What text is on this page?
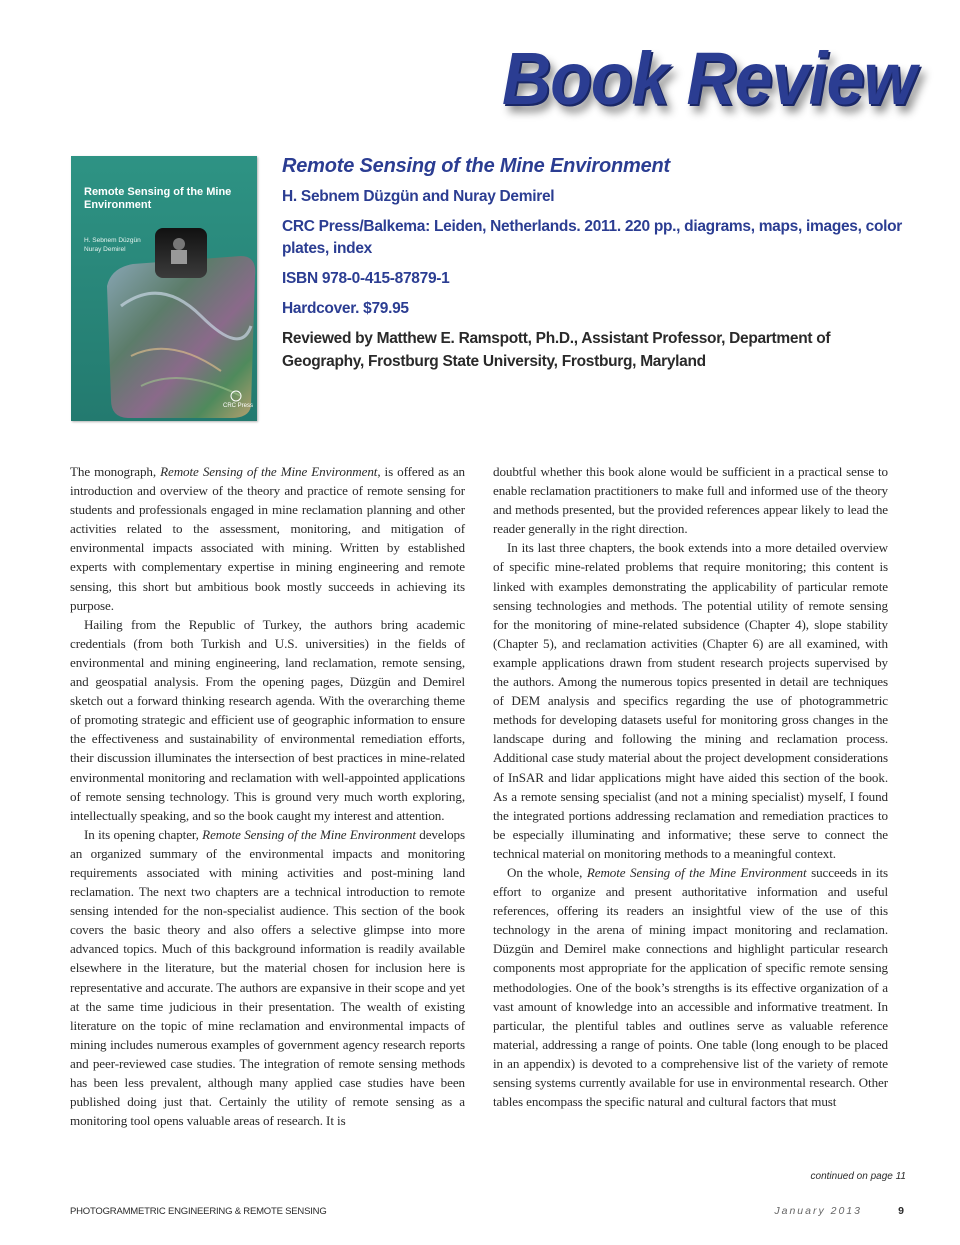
Book Review

Remote Sensing of the Mine Environment

H. Sebnem Düzgün
Nuray Demirel
CRC Press

Remote Sensing of the Mine Environment

H. Sebnem Düzgün and Nuray Demirel

CRC Press/Balkema: Leiden, Netherlands. 2011. 220 pp., diagrams, maps, images, color plates, index

ISBN 978-0-415-87879-1

Hardcover. $79.95

Reviewed by Matthew E. Ramspott, Ph.D., Assistant Professor, Department of Geography, Frostburg State University, Frostburg, Maryland

The monograph, Remote Sensing of the Mine Environment, is offered as an introduction and overview of the theory and practice of remote sensing for students and professionals engaged in mine reclamation planning and other activities related to the assessment, monitoring, and mitigation of environmental impacts associated with mining. Written by established experts with complementary expertise in mining engineering and remote sensing, this short but ambitious book mostly succeeds in achieving its purpose.

Hailing from the Republic of Turkey, the authors bring academic credentials (from both Turkish and U.S. universities) in the fields of environmental and mining engineering, land reclamation, remote sensing, and geospatial analysis. From the opening pages, Düzgün and Demirel sketch out a forward thinking research agenda. With the overarching theme of promoting strategic and efficient use of geographic information to ensure the effectiveness and sustainability of environmental remediation efforts, their discussion illuminates the intersection of best practices in mine-related environmental monitoring and reclamation with well-appointed applications of remote sensing technology. This is ground very much worth exploring, intellectually speaking, and so the book caught my interest and attention.

In its opening chapter, Remote Sensing of the Mine Environment develops an organized summary of the environmental impacts and monitoring requirements associated with mining activities and post-mining land reclamation. The next two chapters are a technical introduction to remote sensing intended for the non-specialist audience. This section of the book covers the basic theory and also offers a selective glimpse into more advanced topics. Much of this background information is readily available elsewhere in the literature, but the material chosen for inclusion here is representative and accurate. The authors are expansive in their scope and yet at the same time judicious in their presentation. The wealth of existing literature on the topic of mine reclamation and environmental impacts of mining includes numerous examples of government agency research reports and peer-reviewed case studies. The integration of remote sensing methods has been less prevalent, although many applied case studies have been published doing just that. Certainly the utility of remote sensing as a monitoring tool opens valuable areas of research. It is

doubtful whether this book alone would be sufficient in a practical sense to enable reclamation practitioners to make full and informed use of the theory and methods presented, but the provided references appear likely to lead the reader generally in the right direction.

In its last three chapters, the book extends into a more detailed overview of specific mine-related problems that require monitoring; this content is linked with examples demonstrating the applicability of particular remote sensing technologies and methods. The potential utility of remote sensing for the monitoring of mine-related subsidence (Chapter 4), slope stability (Chapter 5), and reclamation activities (Chapter 6) are all examined, with example applications drawn from student research projects supervised by the authors. Among the numerous topics presented in detail are techniques of DEM analysis and specifics regarding the use of photogrammetric methods for developing datasets useful for monitoring gross changes in the landscape during and following the mining and reclamation process. Additional case study material about the project development considerations of InSAR and lidar applications might have aided this section of the book. As a remote sensing specialist (and not a mining specialist) myself, I found the integrated portions addressing reclamation and remediation practices to be especially illuminating and informative; these serve to connect the technical material on monitoring methods to a meaningful context.

On the whole, Remote Sensing of the Mine Environment succeeds in its effort to organize and present authoritative information and useful references, offering its readers an insightful view of the use of this technology in the arena of mining impact monitoring and reclamation. Düzgün and Demirel make connections and highlight particular research components most appropriate for the application of specific remote sensing methodologies. One of the book’s strengths is its effective organization of a vast amount of knowledge into an accessible and informative treatment. In particular, the plentiful tables and outlines serve as valuable reference material, addressing a range of points. One table (long enough to be placed in an appendix) is devoted to a comprehensive list of the variety of remote sensing systems currently available for use in environmental research. Other tables encompass the specific natural and cultural factors that must

continued on page 11
PHOTOGRAMMETRIC ENGINEERING & REMOTE SENSING	January 2013	9
